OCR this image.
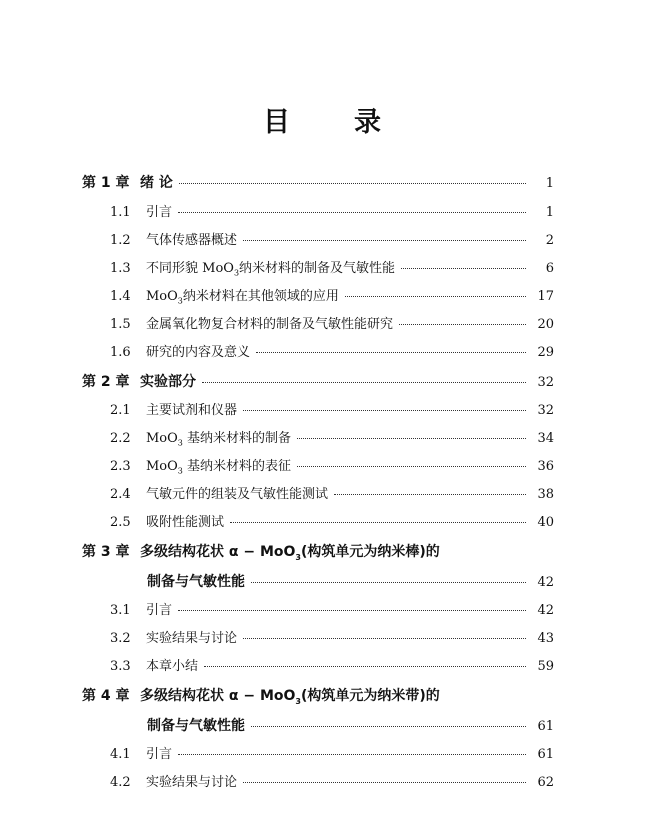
目 录
第 1 章 绪 论	1
1.1	引言	1
1.2	气体传感器概述	2
1.3	不同形貌 MoO$_3$纳米材料的制备及气敏性能	6
1.4	MoO$_3$纳米材料在其他领域的应用	17
1.5	金属氧化物复合材料的制备及气敏性能研究	20
1.6	研究的内容及意义	29
第 2 章 实验部分	32
2.1	主要试剂和仪器	32
2.2	MoO$_3$ 基纳米材料的制备	34
2.3	MoO$_3$ 基纳米材料的表征	36
2.4	气敏元件的组装及气敏性能测试	38
2.5	吸附性能测试	40
第 3 章 多级结构花状 α − MoO$_3$(构筑单元为纳米棒)的
制备与气敏性能	42
3.1	引言	42
3.2	实验结果与讨论	43
3.3	本章小结	59
第 4 章 多级结构花状 α − MoO$_3$(构筑单元为纳米带)的
制备与气敏性能	61
4.1	引言	61
4.2	实验结果与讨论	62
